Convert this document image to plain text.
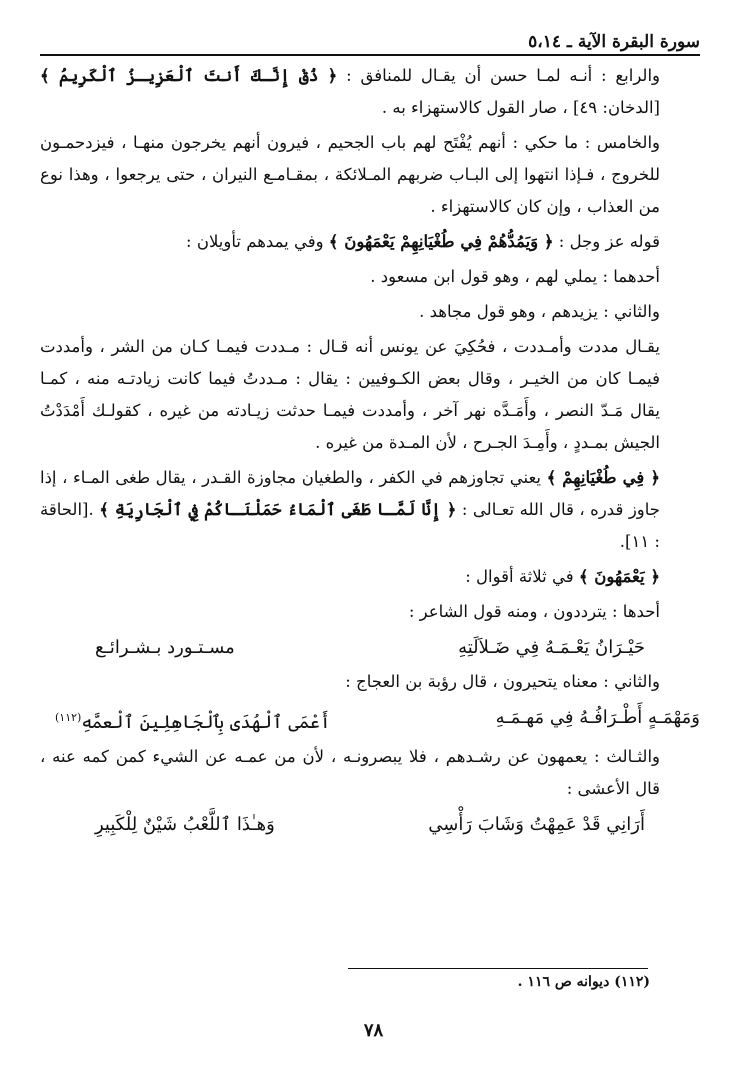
سورة البقرة الآية ـ ٥،١٤

والرابع : أنـه لمـا حسن أن يقـال للمنافق : ﴿ ذُقْ إِنَّـكَ أَنتَ ٱلْعَزِيـزُ ٱلْكَرِيمُ ﴾[الدخان: ٤٩] ، صار القول كالاستهزاء به .

والخامس : ما حكي : أنهم يُفْتَح لهم باب الجحيم ، فيرون أنهم يخرجون منهـا ، فيزدحمـون للخروج ، فـإذا انتهوا إلى البـاب ضربهم المـلائكة ، بمقـامـع النيران ، حتى يرجعوا ، وهذا نوع من العذاب ، وإن كان كالاستهزاء .

قوله عز وجل : ﴿ وَيَمُدُّهُمْ فِي طُغْيَانِهِمْ يَعْمَهُونَ ﴾ وفي يمدهم تأويلان :

أحدهما : يملي لهم ، وهو قول ابن مسعود .

والثاني : يزيدهم ، وهو قول مجاهد .

يقـال مددت وأمـددت ، فحُكِيَ عن يونس أنه قـال : مـددت فيمـا كـان من الشر ، وأمددت فيمـا كان من الخيـر ، وقال بعض الكـوفيين : يقال : مـددتُ فيما كانت زيادتـه منه ، كمـا يقال مَـدّ النصر ، وأَمَـدَّه نهر آخر ، وأمددت فيمـا حدثت زيـادته من غيره ، كقولـك أَمْدَدْتُ الجيش بمـددٍ ، وأَمِـدَ الجـرح ، لأن المـدة من غيره .

﴿ فِي طُغْيَانِهِمْ ﴾ يعني تجاوزهم في الكفر ، والطغيان مجاوزة القـدر ، يقال طغى المـاء ، إذا جاوز قدره ، قال الله تعـالى : ﴿ إِنَّا لَمَّـا طَغَى ٱلْمَاءُ حَمَلْنَـاكُمْ فِي ٱلْجَارِيَةِ ﴾ .[الحاقة : ١١].

﴿ يَعْمَهُونَ ﴾ في ثلاثة أقوال :

أحدها : يترددون ، ومنه قول الشاعر :

حَيْـرَانُ يَعْـمَـهُ فِي ضَـلاَلَتِهِ
مسـتـورد بـشـرائـع

والثاني : معناه يتحيرون ، قال رؤبة بن العجاج :

وَمَهْمَـهٍ أَطْـرَافُـهُ فِي مَهـمَـهِ
أَعْمَى ٱلْهُدَى بِٱلْجَاهِلِينَ ٱلْعمَّهِ$^{(١١٢)}$

والثـالث : يعمهون عن رشـدهم ، فلا يبصرونـه ، لأن من عمـه عن الشيء كمن كمه عنه ، قال الأعشى :

أَرَانِي قَدْ عَمِهْتُ وَشَابَ رَأْسِي
وَهـٰذَا ٱللَّعْبُ شَيْنٌ لِلْكَبِيرِ
(١١٢) ديوانه ص ١١٦ .
٧٨
